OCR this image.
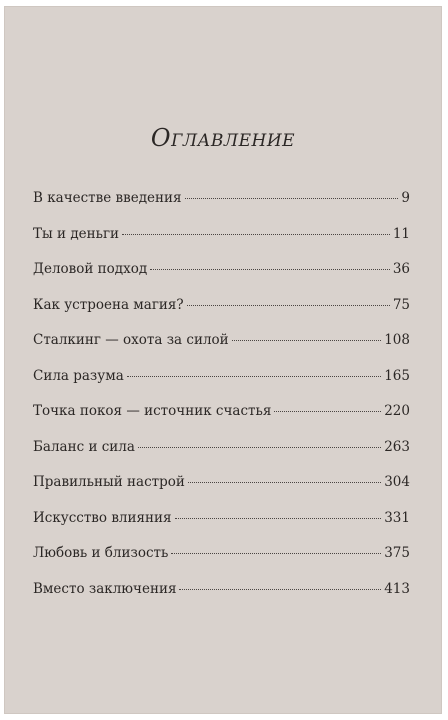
Оглавление
В качестве введения	9
Ты и деньги	11
Деловой подход	36
Как устроена магия?	75
Сталкинг — охота за силой	108
Сила разума	165
Точка покоя — источник счастья	220
Баланс и сила	263
Правильный настрой	304
Искусство влияния	331
Любовь и близость	375
Вместо заключения	413
